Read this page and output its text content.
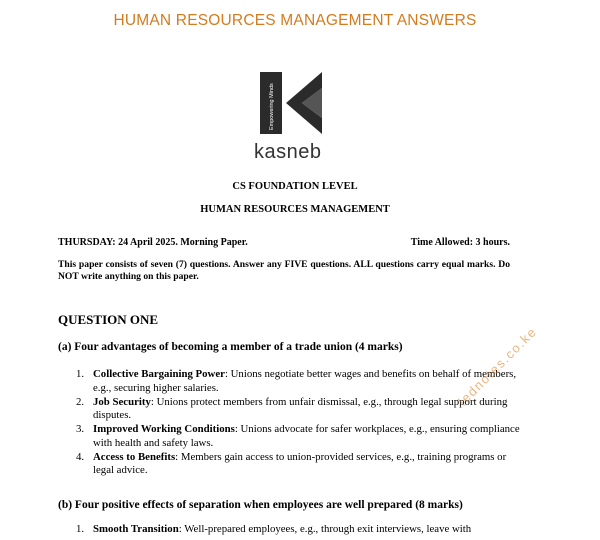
HUMAN RESOURCES MANAGEMENT ANSWERS
Empowering Minds
kasneb
CS FOUNDATION LEVEL
HUMAN RESOURCES MANAGEMENT
THURSDAY: 24 April 2025. Morning Paper.	Time Allowed: 3 hours.
This paper consists of seven (7) questions. Answer any FIVE questions. ALL questions carry equal marks. Do NOT write anything on this paper.
QUESTION ONE
(a) Four advantages of becoming a member of a trade union (4 marks)
1. Collective Bargaining Power: Unions negotiate better wages and benefits on behalf of members, e.g., securing higher salaries.
2. Job Security: Unions protect members from unfair dismissal, e.g., through legal support during disputes.
3. Improved Working Conditions: Unions advocate for safer workplaces, e.g., ensuring compliance with health and safety laws.
4. Access to Benefits: Members gain access to union-provided services, e.g., training programs or legal advice.
(b) Four positive effects of separation when employees are well prepared (8 marks)
1. Smooth Transition: Well-prepared employees, e.g., through exit interviews, leave with
lednotes.co.ke
